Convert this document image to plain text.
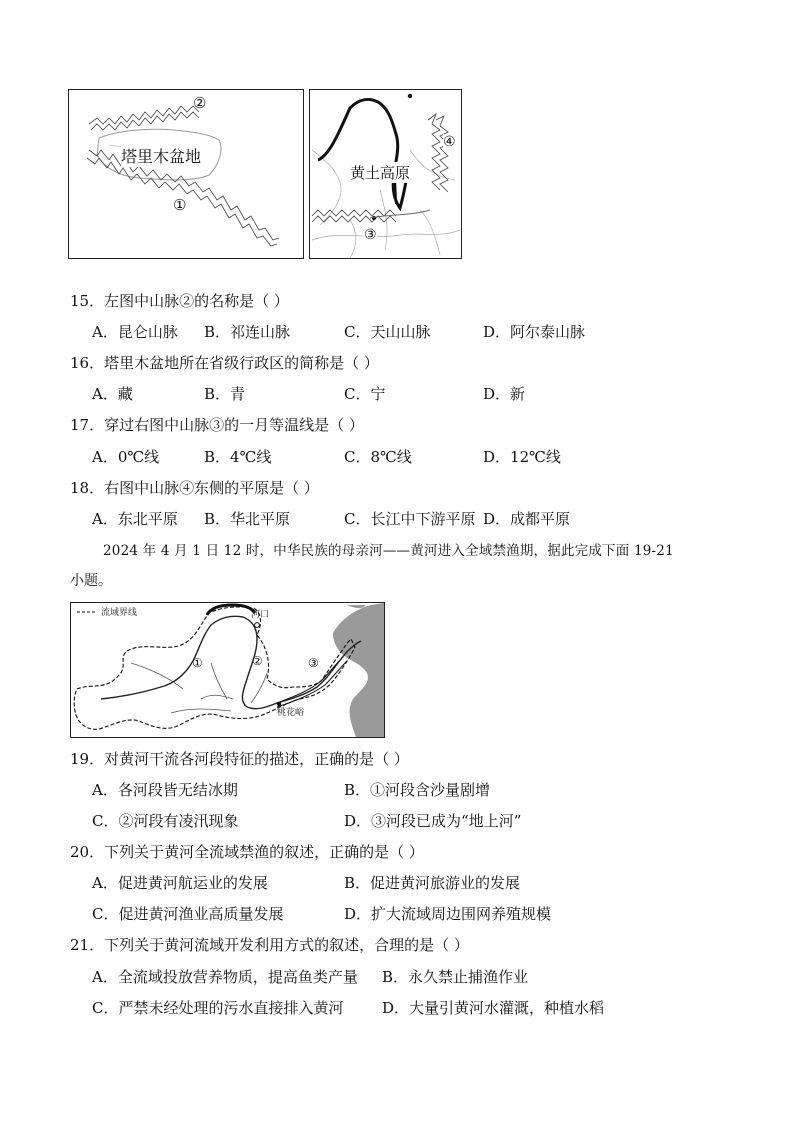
塔里木盆地
②
①
黄土高原
④
③
15．左图中山脉②的名称是（ ）
A．昆仑山脉 B．祁连山脉	C．天山山脉	D．阿尔泰山脉
16．塔里木盆地所在省级行政区的简称是（ ）
A．藏	B．青	C．宁	D．新
17．穿过右图中山脉③的一月等温线是（ ）
A．0℃线	B．4℃线	C．8℃线	D．12℃线
18．右图中山脉④东侧的平原是（ ）
A．东北平原 B．华北平原	C．长江中下游平原 D．成都平原
2024 年 4 月 1 日 12 时，中华民族的母亲河——黄河进入全域禁渔期，据此完成下面 19-21
小题。
流域界线	河口
桃花峪
①	②	③
19．对黄河干流各河段特征的描述，正确的是（ ）
A．各河段皆无结冰期	B．①河段含沙量剧增
C．②河段有凌汛现象	D．③河段已成为“地上河”
20．下列关于黄河全流域禁渔的叙述，正确的是（ ）
A．促进黄河航运业的发展	B．促进黄河旅游业的发展
C．促进黄河渔业高质量发展	D．扩大流域周边围网养殖规模
21．下列关于黄河流域开发利用方式的叙述，合理的是（ ）
A．全流域投放营养物质，提高鱼类产量 B．永久禁止捕渔作业
C．严禁未经处理的污水直接排入黄河	D．大量引黄河水灌溉，种植水稻
